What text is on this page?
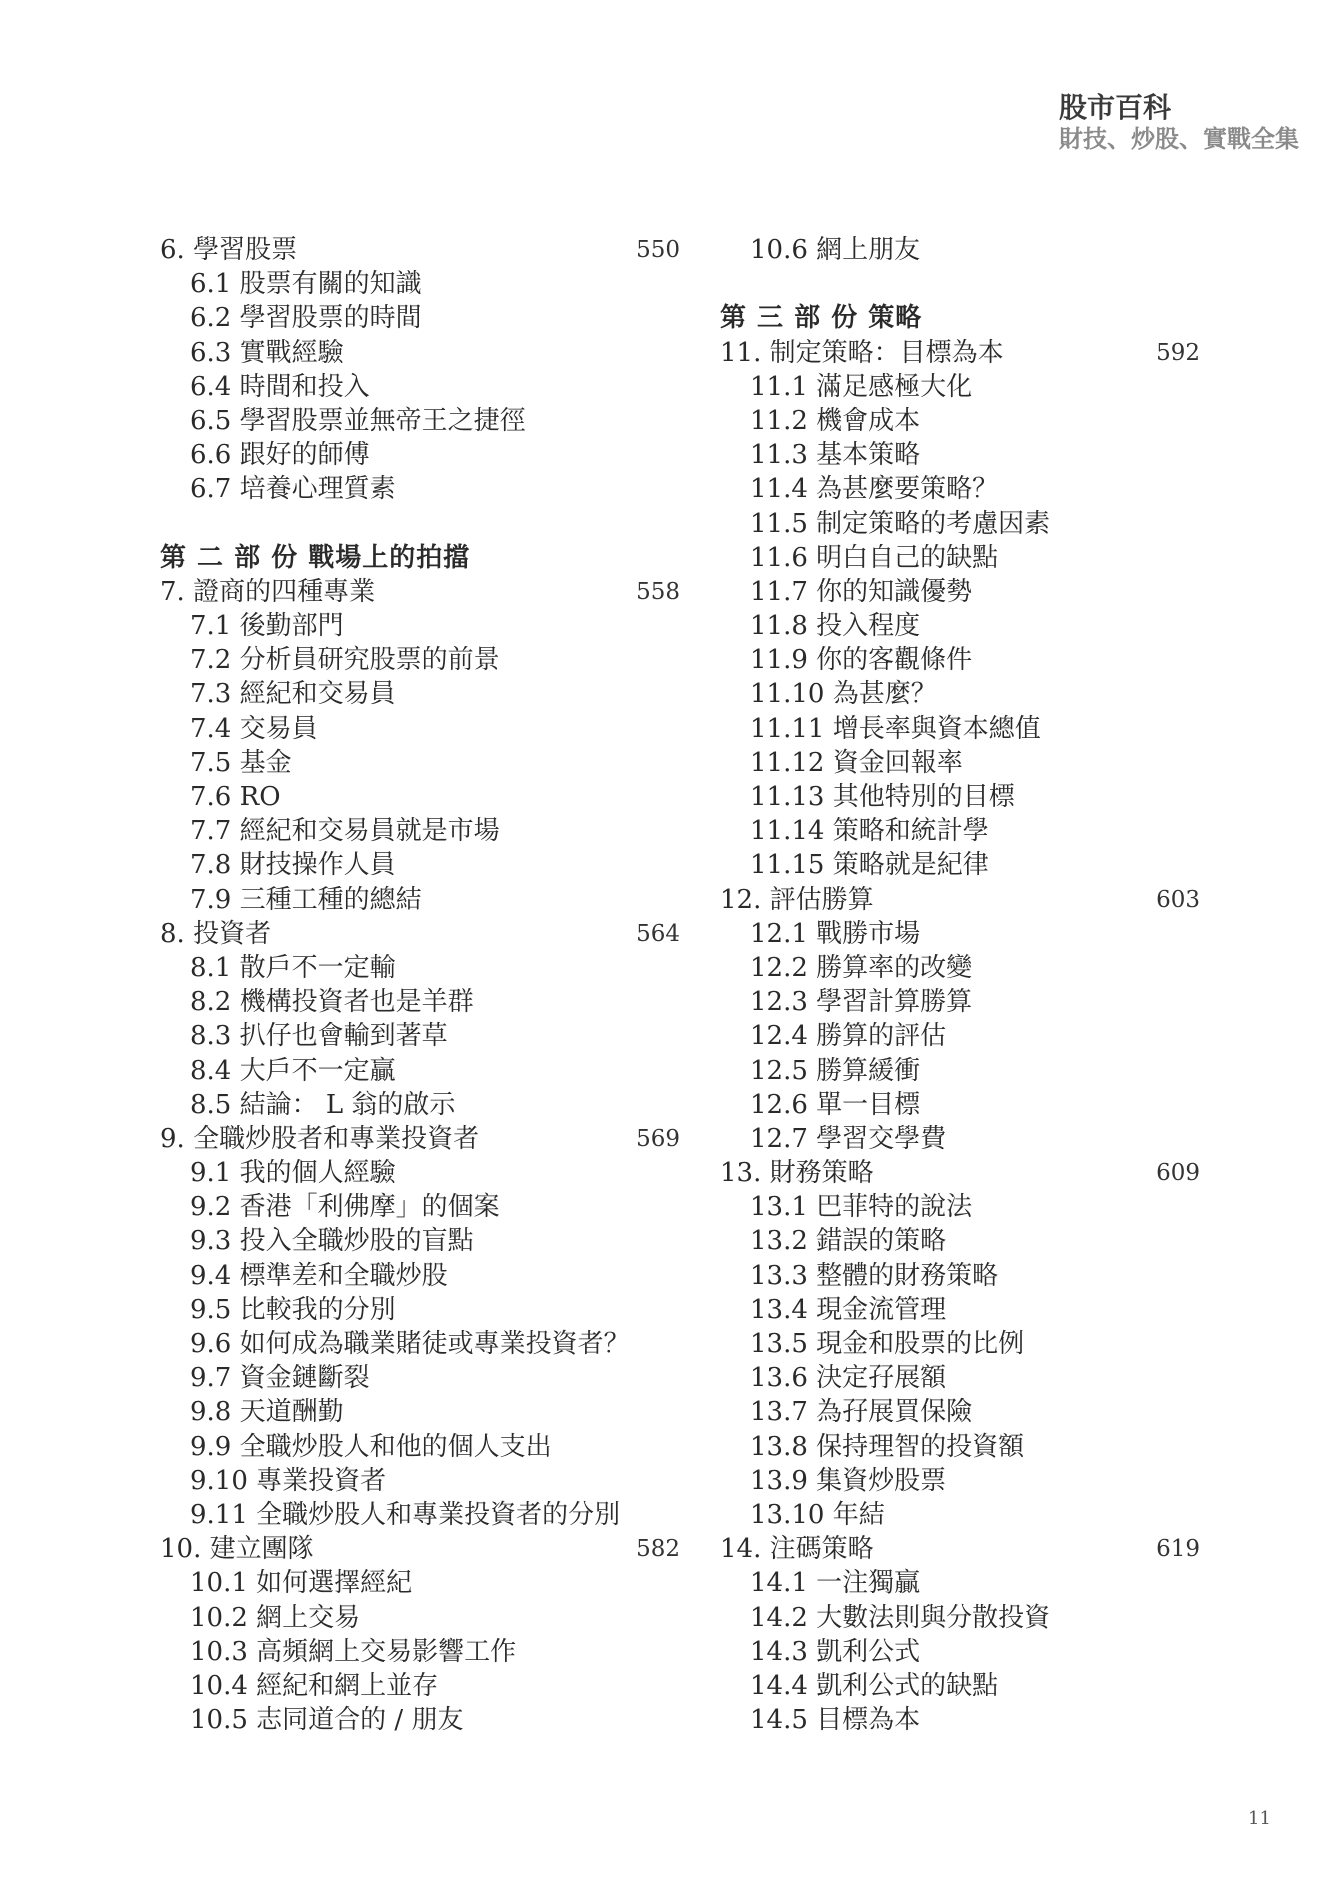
股市百科
財技、炒股、實戰全集
6. 學習股票	550
6.1 股票有關的知識
6.2 學習股票的時間
6.3 實戰經驗
6.4 時間和投入
6.5 學習股票並無帝王之捷徑
6.6 跟好的師傅
6.7 培養心理質素
第 二 部 份 戰場上的拍擋
7. 證商的四種專業	558
7.1 後勤部門
7.2 分析員研究股票的前景
7.3 經紀和交易員
7.4 交易員
7.5 基金
7.6 RO
7.7 經紀和交易員就是市場
7.8 財技操作人員
7.9 三種工種的總結
8. 投資者	564
8.1 散戶不一定輸
8.2 機構投資者也是羊群
8.3 扒仔也會輸到著草
8.4 大戶不一定贏
8.5 結論： L 翁的啟示
9. 全職炒股者和專業投資者	569
9.1 我的個人經驗
9.2 香港「利佛摩」的個案
9.3 投入全職炒股的盲點
9.4 標準差和全職炒股
9.5 比較我的分別
9.6 如何成為職業賭徒或專業投資者？
9.7 資金鏈斷裂
9.8 天道酬勤
9.9 全職炒股人和他的個人支出
9.10 專業投資者
9.11 全職炒股人和專業投資者的分別
10. 建立團隊	582
10.1 如何選擇經紀
10.2 網上交易
10.3 高頻網上交易影響工作
10.4 經紀和網上並存
10.5 志同道合的 / 朋友
10.6 網上朋友
第 三 部 份 策略
11. 制定策略：目標為本	592
11.1 滿足感極大化
11.2 機會成本
11.3 基本策略
11.4 為甚麼要策略？
11.5 制定策略的考慮因素
11.6 明白自己的缺點
11.7 你的知識優勢
11.8 投入程度
11.9 你的客觀條件
11.10 為甚麼？
11.11 增長率與資本總值
11.12 資金回報率
11.13 其他特別的目標
11.14 策略和統計學
11.15 策略就是紀律
12. 評估勝算	603
12.1 戰勝市場
12.2 勝算率的改變
12.3 學習計算勝算
12.4 勝算的評估
12.5 勝算緩衝
12.6 單一目標
12.7 學習交學費
13. 財務策略	609
13.1 巴菲特的說法
13.2 錯誤的策略
13.3 整體的財務策略
13.4 現金流管理
13.5 現金和股票的比例
13.6 決定孖展額
13.7 為孖展買保險
13.8 保持理智的投資額
13.9 集資炒股票
13.10 年結
14. 注碼策略	619
14.1 一注獨贏
14.2 大數法則與分散投資
14.3 凱利公式
14.4 凱利公式的缺點
14.5 目標為本
11
